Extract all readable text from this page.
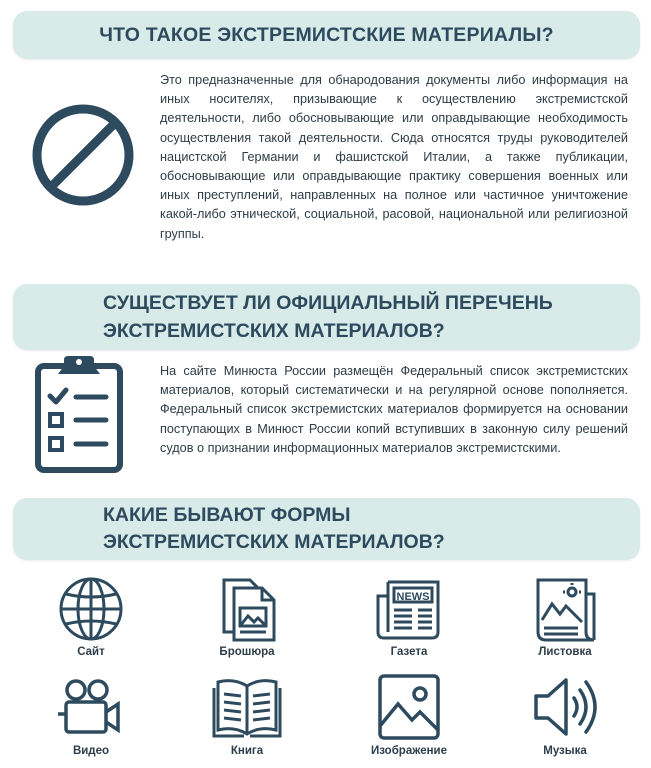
ЧТО ТАКОЕ ЭКСТРЕМИСТСКИЕ МАТЕРИАЛЫ?

Это предназначенные для обнародования документы либо информация на иных носителях, призывающие к осуществлению экстремистской деятельности, либо обосновывающие или оправдывающие необходимость осуществления такой деятельности. Сюда относятся труды руководителей нацистской Германии и фашистской Италии, а также публикации, обосновывающие или оправдывающие практику совершения военных или иных преступлений, направленных на полное или частичное уничтожение какой-либо этнической, социальной, расовой, национальной или религиозной группы.

СУЩЕСТВУЕТ ЛИ ОФИЦИАЛЬНЫЙ ПЕРЕЧЕНЬ
ЭКСТРЕМИСТСКИХ МАТЕРИАЛОВ?

На сайте Минюста России размещён Федеральный список экстремистских материалов, который систематически и на регулярной основе пополняется. Федеральный список экстремистских материалов формируется на основании поступающих в Минюст России копий вступивших в законную силу решений судов о признании информационных материалов экстремистскими.

КАКИЕ БЫВАЮТ ФОРМЫ
ЭКСТРЕМИСТСКИХ МАТЕРИАЛОВ?
Сайт	Брошюра
NEWS
Газета	Листовка
Видео	Книга	Изображение	Музыка
